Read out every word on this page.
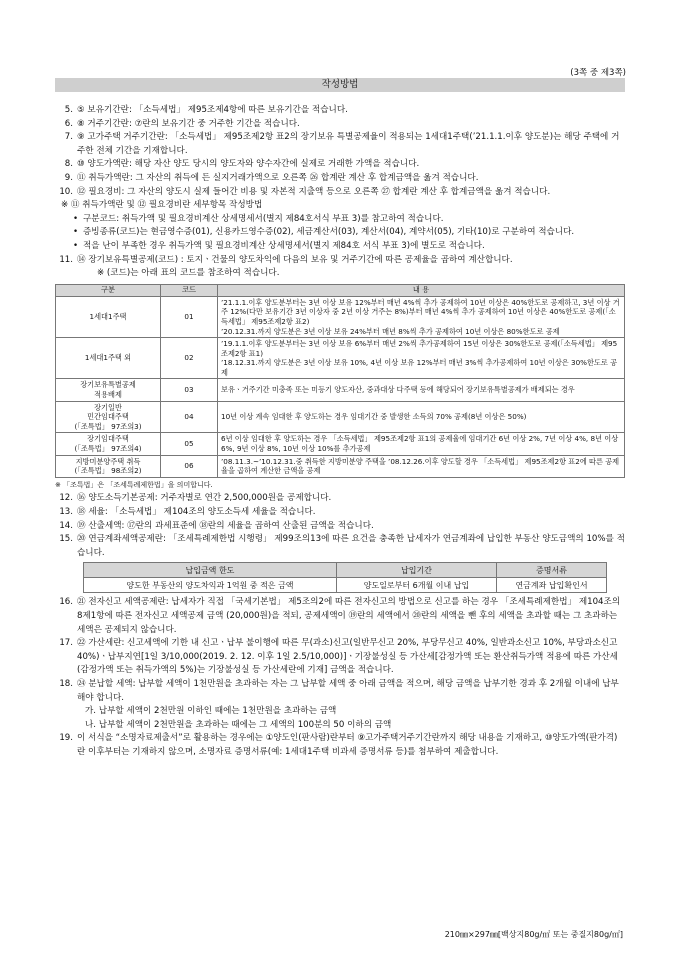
(3쪽 중 제3쪽)
작성방법
5. ⑤ 보유기간란: 「소득세법」 제95조제4항에 따른 보유기간을 적습니다.
6. ⑧ 거주기간란: ⑦란의 보유기간 중 거주한 기간을 적습니다.
7. ⑨ 고가주택 거주기간란: 「소득세법」 제95조제2항 표2의 장기보유 특별공제율이 적용되는 1세대1주택(’21.1.1.이후 양도분)는 해당 주택에 거주한 전체 기간을 기재합니다.
8. ⑩ 양도가액란: 해당 자산 양도 당시의 양도자와 양수자간에 실제로 거래한 가액을 적습니다.
9. ⑪ 취득가액란: 그 자산의 취득에 든 실지거래가액으로 오른쪽 ㉖ 합계란 계산 후 합계금액을 옮겨 적습니다.
10. ⑫ 필요경비: 그 자산의 양도시 실제 들어간 비용 및 자본적 지출액 등으로 오른쪽 ㉗ 합계란 계산 후 합계금액을 옮겨 적습니다.
※ ⑪ 취득가액란 및 ⑫ 필요경비란 세부항목 작성방법
• 구분코드: 취득가액 및 필요경비계산 상세명세서(별지 제84호서식 부표 3)를 참고하여 적습니다.
• 증빙종류(코드)는 현금영수증(01), 신용카드영수증(02), 세금계산서(03), 계산서(04), 계약서(05), 기타(10)로 구분하여 적습니다.
• 적을 난이 부족한 경우 취득가액 및 필요경비계산 상세명세서(별지 제84호 서식 부표 3)에 별도로 적습니다.
11. ⑭ 장기보유특별공제(코드) : 토지ㆍ건물의 양도차익에 다음의 보유 및 거주기간에 따른 공제율을 곱하여 계산합니다.
※ (코드)는 아래 표의 코드를 참조하여 적습니다.
구분	코드	내 용
1세대1주택	01	’21.1.1.이후 양도분부터는 3년 이상 보유 12%부터 매년 4%씩 추가 공제하여 10년 이상은 40%한도로 공제하고, 3년 이상 거주 12%(다만 보유기간 3년 이상자 중 2년 이상 거주는 8%)부터 매년 4%씩 추가 공제하여 10년 이상은 40%한도로 공제(「소득세법」 제95조제2항 표2)
’20.12.31.까지 양도분은 3년 이상 보유 24%부터 매년 8%씩 추가 공제하여 10년 이상은 80%한도로 공제
1세대1주택 외	02	’19.1.1.이후 양도분부터는 3년 이상 보유 6%부터 매년 2%씩 추가공제하여 15년 이상은 30%한도로 공제(「소득세법」 제95조제2항 표1)
’18.12.31.까지 양도분은 3년 이상 보유 10%, 4년 이상 보유 12%부터 매년 3%씩 추가공제하여 10년 이상은 30%한도로 공제
장기보유특별공제
적용배제	03	보유ㆍ거주기간 미충족 또는 미등기 양도자산, 중과대상 다주택 등에 해당되어 장기보유특별공제가 배제되는 경우
장기일반
민간임대주택
(「조특법」 97조의3)	04	10년 이상 계속 임대한 후 양도하는 경우 임대기간 중 발생한 소득의 70% 공제(8년 이상은 50%)
장기임대주택
(「조특법」 97조의4)	05	6년 이상 임대한 후 양도하는 경우 「소득세법」 제95조제2항 표1의 공제율에 임대기간 6년 이상 2%, 7년 이상 4%, 8년 이상 6%, 9년 이상 8%, 10년 이상 10%를 추가공제
지방미분양주택 취득
(「조특법」 98조의2)	06	’08.11.3.~’10.12.31.중 취득한 지방미분양 주택을 ’08.12.26.이후 양도할 경우 「소득세법」 제95조제2항 표2에 따른 공제율을 곱하여 계산한 금액을 공제
※ 「조특법」은 「조세특례제한법」을 의미합니다.
12. ⑯ 양도소득기본공제: 거주자별로 연간 2,500,000원을 공제합니다.
13. ⑱ 세율: 「소득세법」 제104조의 양도소득세 세율을 적습니다.
14. ⑲ 산출세액: ⑰란의 과세표준에 ⑱란의 세율을 곱하여 산출된 금액을 적습니다.
15. ⑳ 연금계좌세액공제란: 「조세특례제한법 시행령」 제99조의13에 따른 요건을 충족한 납세자가 연금계좌에 납입한 부동산 양도금액의 10%를 적습니다.
납입금액 한도	납입기간	증명서류
양도한 부동산의 양도차익과 1억원 중 적은 금액	양도일로부터 6개월 이내 납입	연금계좌 납입확인서
16. ㉑ 전자신고 세액공제란: 납세자가 직접 「국세기본법」 제5조의2에 따른 전자신고의 방법으로 신고를 하는 경우 「조세특례제한법」 제104조의8제1항에 따른 전자신고 세액공제 금액 (20,000원)을 적되, 공제세액이 ⑲란의 세액에서 ⑳란의 세액을 뺀 후의 세액을 초과할 때는 그 초과하는 세액은 공제되지 않습니다.
17. ㉒ 가산세란: 신고세액에 기한 내 신고ㆍ납부 불이행에 따른 무(과소)신고(일반무신고 20%, 부당무신고 40%, 일반과소신고 10%, 부당과소신고 40%)ㆍ납부지연[1일 3/10,000(2019. 2. 12. 이후 1일 2.5/10,000)]ㆍ기장불성실 등 가산세[감정가액 또는 환산취득가액 적용에 따른 가산세(감정가액 또는 취득가액의 5%)는 기장불성실 등 가산세란에 기재] 금액을 적습니다.
18. ㉔ 분납할 세액: 납부할 세액이 1천만원을 초과하는 자는 그 납부할 세액 중 아래 금액을 적으며, 해당 금액을 납부기한 경과 후 2개월 이내에 납부해야 합니다.
가. 납부할 세액이 2천만원 이하인 때에는 1천만원을 초과하는 금액
나. 납부할 세액이 2천만원을 초과하는 때에는 그 세액의 100분의 50 이하의 금액
19. 이 서식을 “소명자료제출서”로 활용하는 경우에는 ①양도인(판사람)란부터 ⑨고가주택거주기간란까지 해당 내용을 기재하고, ⑩양도가액(판가격)란 이후부터는 기재하지 않으며, 소명자료 증명서류(예: 1세대1주택 비과세 증명서류 등)를 첨부하여 제출합니다.
210㎜×297㎜[백상지80g/㎡ 또는 중질지80g/㎡]
